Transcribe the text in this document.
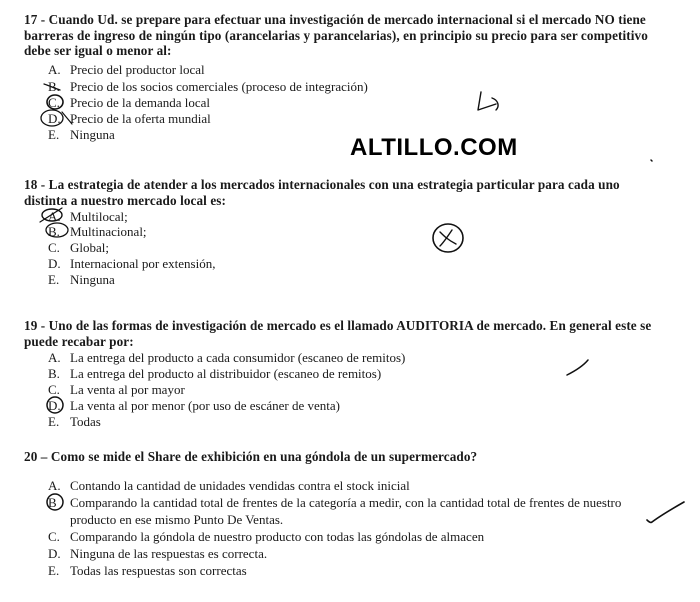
17 - Cuando Ud. se prepare para efectuar una investigación de mercado internacional si el mercado NO tiene barreras de ingreso de ningún tipo (arancelarias y parancelarias), en principio su precio para ser competitivo debe ser igual o menor al:
A. Precio del productor local
B. Precio de los socios comerciales (proceso de integración)
C. Precio de la demanda local
D. Precio de la oferta mundial
E. Ninguna	ALTILLO.COM
18 - La estrategia de atender a los mercados internacionales con una estrategia particular para cada uno distinta a nuestro mercado local es:
A. Multilocal;
B. Multinacional;
C. Global;
D. Internacional por extensión,
E. Ninguna
19 - Uno de las formas de investigación de mercado es el llamado AUDITORIA de mercado. En general este se puede recabar por:
A. La entrega del producto a cada consumidor (escaneo de remitos)
B. La entrega del producto al distribuidor (escaneo de remitos)
C. La venta al por mayor
D. La venta al por menor (por uso de escáner de venta)
E. Todas
20 – Como se mide el Share de exhibición en una góndola de un supermercado?
A. Contando la cantidad de unidades vendidas contra el stock inicial
B	Comparando la cantidad total de frentes de la categoría a medir, con la cantidad total de frentes de nuestro producto en ese mismo Punto De Ventas.
C. Comparando la góndola de nuestro producto con todas las góndolas de almacen
D. Ninguna de las respuestas es correcta.
E. Todas las respuestas son correctas
